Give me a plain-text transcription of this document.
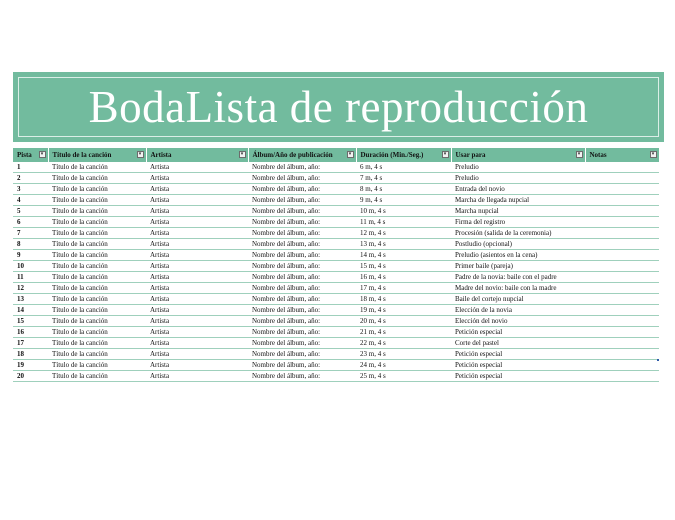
BodaLista de reproducción
Pista ▾	Título de la canción ▾	Artista ▾	Álbum/Año de publicación ▾	Duración (Min./Seg.) ▾	Usar para ▾	Notas ▾

1	Título de la canción	Artista	Nombre del álbum, año:	6 m, 4 s	Preludio	
2	Título de la canción	Artista	Nombre del álbum, año:	7 m, 4 s	Preludio	
3	Título de la canción	Artista	Nombre del álbum, año:	8 m, 4 s	Entrada del novio	
4	Título de la canción	Artista	Nombre del álbum, año:	9 m, 4 s	Marcha de llegada nupcial	
5	Título de la canción	Artista	Nombre del álbum, año:	10 m, 4 s	Marcha nupcial	
6	Título de la canción	Artista	Nombre del álbum, año:	11 m, 4 s	Firma del registro	
7	Título de la canción	Artista	Nombre del álbum, año:	12 m, 4 s	Procesión (salida de la ceremonia)	
8	Título de la canción	Artista	Nombre del álbum, año:	13 m, 4 s	Postludio (opcional)	
9	Título de la canción	Artista	Nombre del álbum, año:	14 m, 4 s	Preludio (asientos en la cena)	
10	Título de la canción	Artista	Nombre del álbum, año:	15 m, 4 s	Primer baile (pareja)	
11	Título de la canción	Artista	Nombre del álbum, año:	16 m, 4 s	Padre de la novia: baile con el padre	
12	Título de la canción	Artista	Nombre del álbum, año:	17 m, 4 s	Madre del novio: baile con la madre	
13	Título de la canción	Artista	Nombre del álbum, año:	18 m, 4 s	Baile del cortejo nupcial	
14	Título de la canción	Artista	Nombre del álbum, año:	19 m, 4 s	Elección de la novia	
15	Título de la canción	Artista	Nombre del álbum, año:	20 m, 4 s	Elección del novio	
16	Título de la canción	Artista	Nombre del álbum, año:	21 m, 4 s	Petición especial	
17	Título de la canción	Artista	Nombre del álbum, año:	22 m, 4 s	Corte del pastel	
18	Título de la canción	Artista	Nombre del álbum, año:	23 m, 4 s	Petición especial	
19	Título de la canción	Artista	Nombre del álbum, año:	24 m, 4 s	Petición especial	
20	Título de la canción	Artista	Nombre del álbum, año:	25 m, 4 s	Petición especial	
